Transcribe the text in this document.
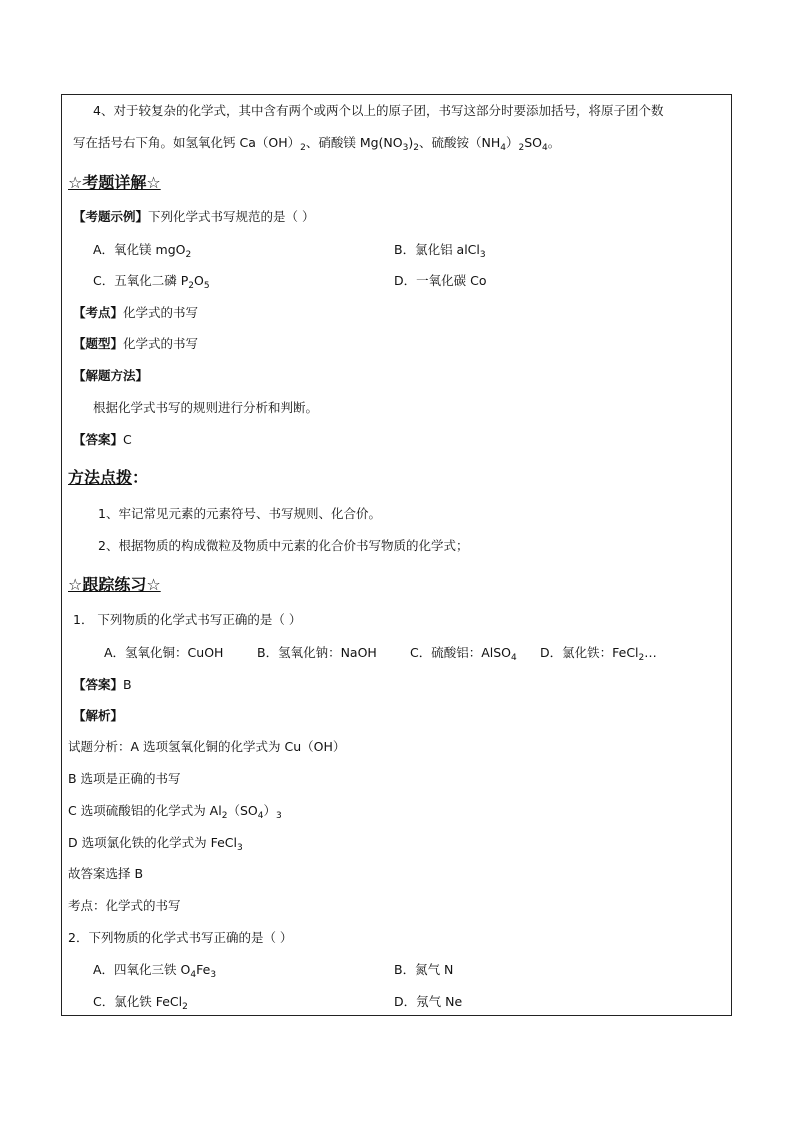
4、对于较复杂的化学式，其中含有两个或两个以上的原子团，书写这部分时要添加括号，将原子团个数
写在括号右下角。如氢氧化钙 $Ca(OH)_2$、硝酸镁 $Mg(NO_3)_2$、硫酸铵$(NH_4)_2SO_4$。
☆考题详解☆
【考题示例】下列化学式书写规范的是（ ）
A．氧化镁 mgO$_2$	B．氯化铝 alCl$_3$
C．五氧化二磷 $P_2O_5$	D．一氧化碳 Co
【考点】化学式的书写
【题型】化学式的书写
【解题方法】
根据化学式书写的规则进行分析和判断。
【答案】C
方法点拨：
1、牢记常见元素的元素符号、书写规则、化合价。
2、根据物质的构成微粒及物质中元素的化合价书写物质的化学式；
☆跟踪练习☆
1． 下列物质的化学式书写正确的是（ ）
A．氢氧化铜：CuOH	B．氢氧化钠：NaOH	C．硫酸铝：AlSO$_4$ D．氯化铁：FeCl$_2$…
【答案】B
【解析】
试题分析：A 选项氢氧化铜的化学式为 Cu（OH）
B 选项是正确的书写
C 选项硫酸铝的化学式为 $Al_2(SO_4)_3$
D 选项氯化铁的化学式为 FeCl$_3$
故答案选择 B
考点：化学式的书写
2．下列物质的化学式书写正确的是（ ）
A．四氧化三铁 $O_4Fe_3$	B．氮气 N
C．氯化铁 FeCl$_2$	D．氖气 Ne
